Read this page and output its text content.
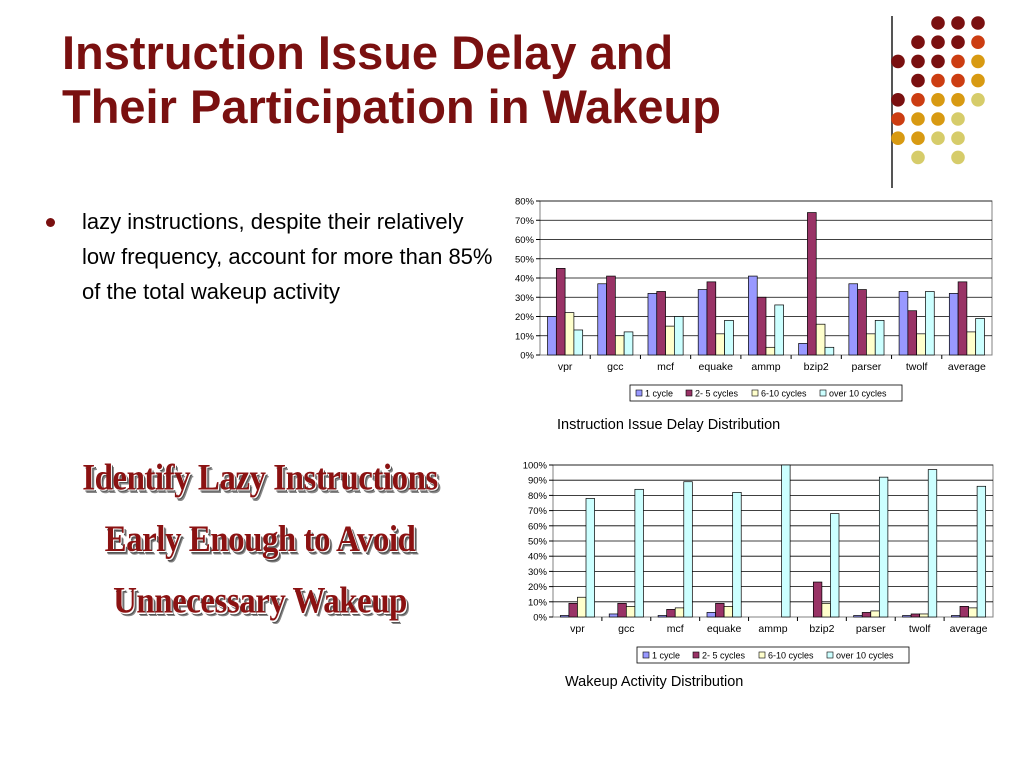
Instruction Issue Delay and
Their Participation in Wakeup
lazy instructions, despite their relatively low frequency, account for more than 85% of the total wakeup activity
Identify Lazy Instructions
Early Enough to Avoid
Unnecessary Wakeup
0%
10%
20%
30%
40%
50%
60%
70%
80%
vpr	gcc	mcf equake ammp bzip2 parser twolf average
1 cycle 2- 5 cycles	6-10 cycles over 10 cycles
0%
10%
20%
30%
40%
50%
60%
70%
80%
90%
100%
vpr	gcc	mcf equake ammp bzip2 parser twolf average
1 cycle 2- 5 cycles	6-10 cycles over 10 cycles
Instruction Issue Delay Distribution
Wakeup Activity Distribution
